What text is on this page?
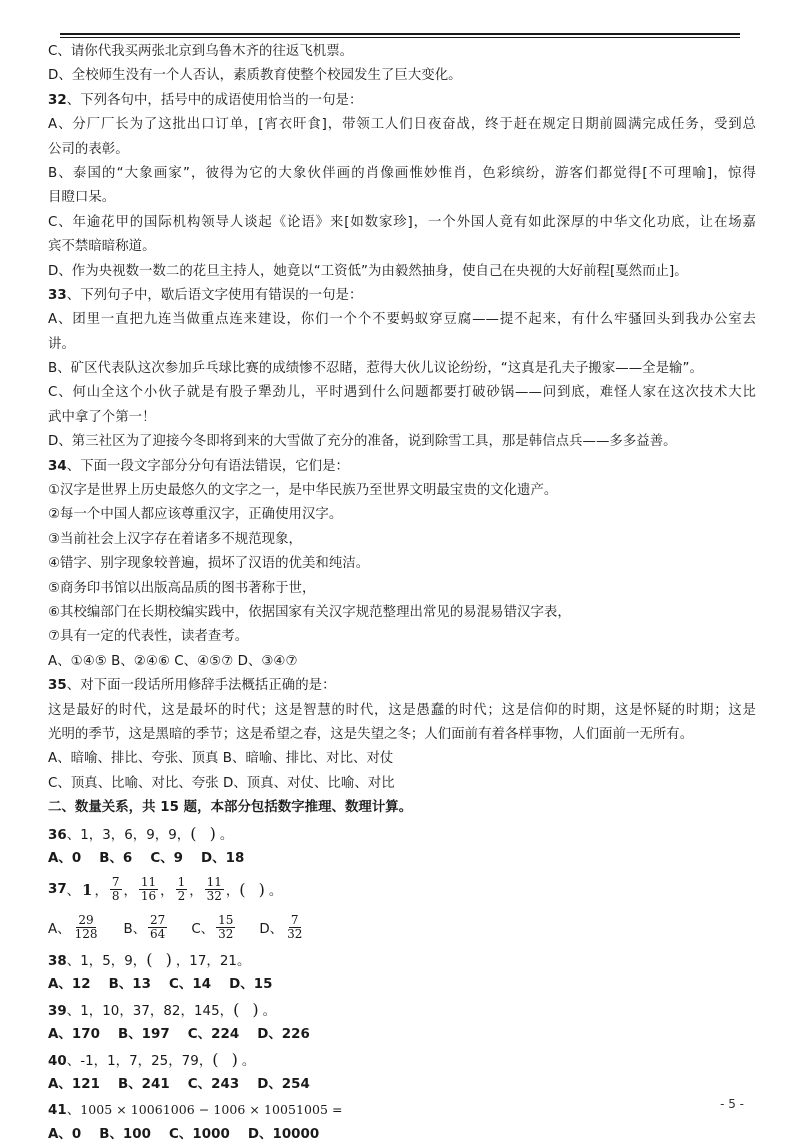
C、请你代我买两张北京到乌鲁木齐的往返飞机票。
D、全校师生没有一个人否认，素质教育使整个校园发生了巨大变化。
32、下列各句中，括号中的成语使用恰当的一句是：
A、分厂厂长为了这批出口订单，[宵衣旰食]，带领工人们日夜奋战，终于赶在规定日期前圆满完成任务，受到总
公司的表彰。
B、泰国的“大象画家”，彼得为它的大象伙伴画的肖像画惟妙惟肖，色彩缤纷，游客们都觉得[不可理喻]，惊得
目瞪口呆。
C、年逾花甲的国际机构领导人谈起《论语》来[如数家珍]，一个外国人竟有如此深厚的中华文化功底，让在场嘉
宾不禁暗暗称道。
D、作为央视数一数二的花旦主持人，她竟以“工资低”为由毅然抽身，使自己在央视的大好前程[戛然而止]。
33、下列句子中，歇后语文字使用有错误的一句是：
A、团里一直把九连当做重点连来建设，你们一个个不要蚂蚁穿豆腐——提不起来，有什么牢骚回头到我办公室去
讲。
B、矿区代表队这次参加乒乓球比赛的成绩惨不忍睹，惹得大伙儿议论纷纷，“这真是孔夫子搬家——全是输”。
C、何山全这个小伙子就是有股子犟劲儿，平时遇到什么问题都要打破砂锅——问到底，难怪人家在这次技术大比
武中拿了个第一！
D、第三社区为了迎接今冬即将到来的大雪做了充分的准备，说到除雪工具，那是韩信点兵——多多益善。
34、下面一段文字部分分句有语法错误，它们是：
①汉字是世界上历史最悠久的文字之一，是中华民族乃至世界文明最宝贵的文化遗产。
②每一个中国人都应该尊重汉字，正确使用汉字。
③当前社会上汉字存在着诸多不规范现象，
④错字、别字现象较普遍，损坏了汉语的优美和纯洁。
⑤商务印书馆以出版高品质的图书著称于世，
⑥其校编部门在长期校编实践中，依据国家有关汉字规范整理出常见的易混易错汉字表，
⑦具有一定的代表性，读者查考。
A、①④⑤ B、②④⑥ C、④⑤⑦ D、③④⑦
35、对下面一段话所用修辞手法概括正确的是：
这是最好的时代，这是最坏的时代；这是智慧的时代，这是愚蠢的时代；这是信仰的时期，这是怀疑的时期；这是
光明的季节，这是黑暗的季节；这是希望之春，这是失望之冬；人们面前有着各样事物，人们面前一无所有。
A、暗喻、排比、夸张、顶真 B、暗喻、排比、对比、对仗
C、顶真、比喻、对比、夸张 D、顶真、对仗、比喻、对比
二、数量关系，共 15 题，本部分包括数字推理、数理计算。
36、1，3，6，9，9，( )。
A、0 B、6 C、9 D、18
37 、 1 ， $\frac{7}{8}$ ， $\frac{11}{16}$ ， $\frac{1}{2}$ ， $\frac{11}{32}$ ， ( ) 。
A、 $\frac{29}{128}$ B、 $\frac{27}{64}$ C、 $\frac{15}{32}$ D、 $\frac{7}{32}$
38、1，5，9，( )，17，21。
A、12 B、13 C、14 D、15
39、1，10，37，82，145，( )。
A、170 B、197 C、224 D、226
40、-1，1，7，25，79，( )。
A、121 B、241 C、243 D、254
41、1005 × 10061006 − 1006 × 10051005 =
A、0 B、100 C、1000 D、10000
- 5 -
